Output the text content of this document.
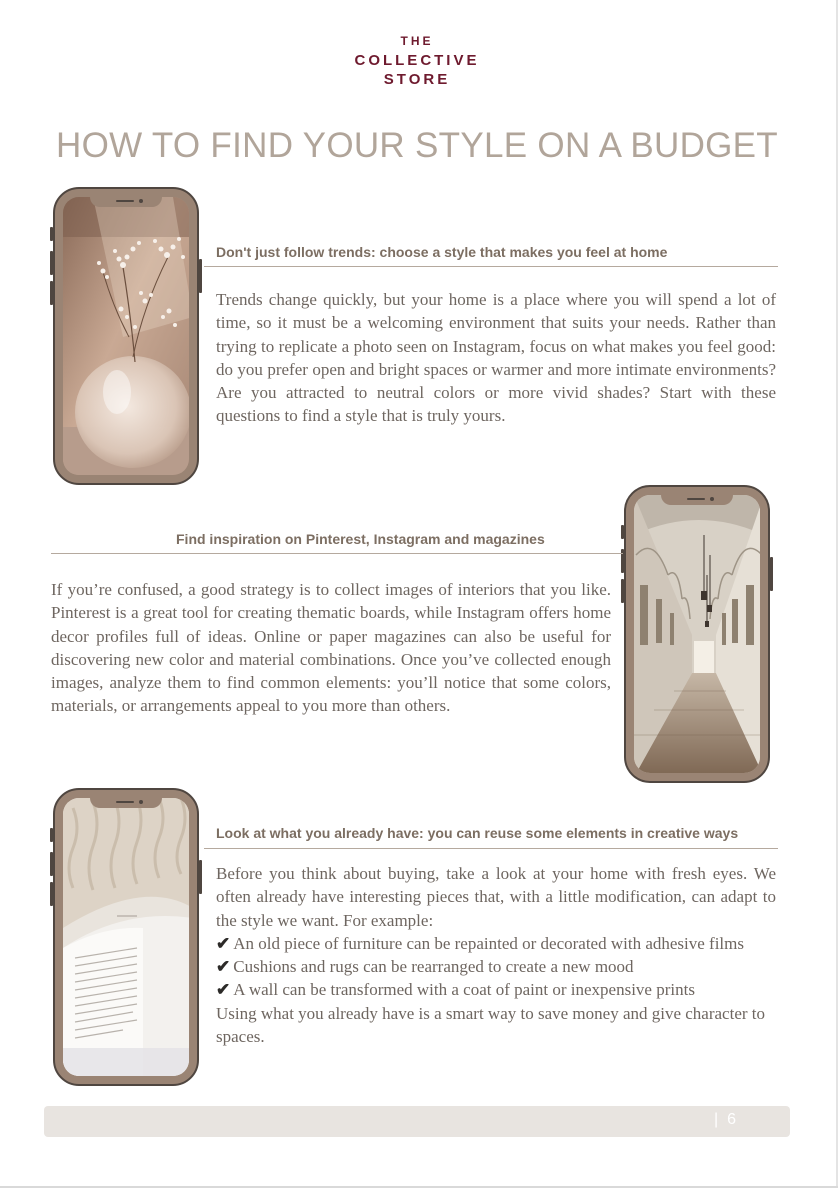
THE
COLLECTIVE
STORE
HOW TO FIND YOUR STYLE ON A BUDGET
Don't just follow trends: choose a style that makes you feel at home

Trends change quickly, but your home is a place where you will spend a lot of time, so it must be a welcoming environment that suits your needs. Rather than trying to replicate a photo seen on Instagram, focus on what makes you feel good: do you prefer open and bright spaces or warmer and more intimate environments? Are you attracted to neutral colors or more vivid shades? Start with these questions to find a style that is truly yours.

Find inspiration on Pinterest, Instagram and magazines

If you’re confused, a good strategy is to collect images of interiors that you like. Pinterest is a great tool for creating thematic boards, while Instagram offers home decor profiles full of ideas. Online or paper magazines can also be useful for discovering new color and material combinations. Once you’ve collected enough images, analyze them to find common elements: you’ll notice that some colors, materials, or arrangements appeal to you more than others.

Look at what you already have: you can reuse some elements in creative ways
Before you think about buying, take a look at your home with fresh eyes. We often already have interesting pieces that, with a little modification, can adapt to the style we want. For example:
✔ An old piece of furniture can be repainted or decorated with adhesive films
✔ Cushions and rugs can be rearranged to create a new mood
✔ A wall can be transformed with a coat of paint or inexpensive prints
Using what you already have is a smart way to save money and give character to spaces.
|  6
